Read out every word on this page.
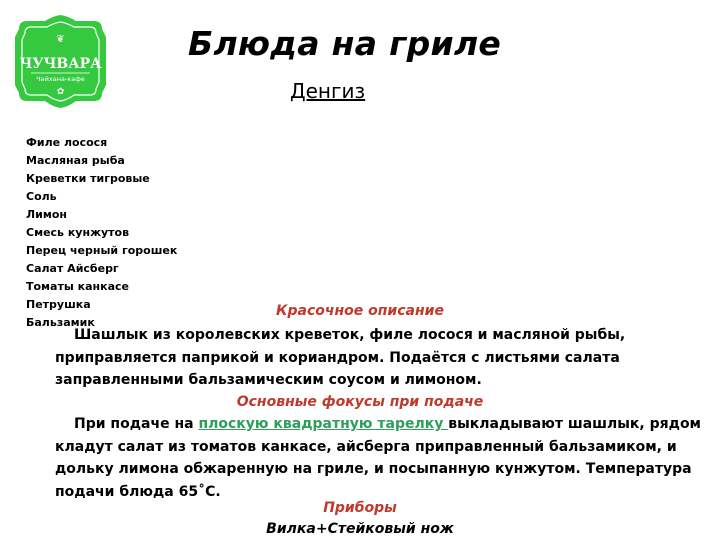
❦
ЧУЧВАРА
Чайхана-кафе
✿
Блюда на гриле
Денгиз
Филе лосося
Масляная рыба
Креветки тигровые
Соль
Лимон
Смесь кунжутов
Перец черный горошек
Салат Айсберг
Томаты канкасе
Петрушка
Бальзамик
Красочное описание
Шашлык из королевских креветок, филе лосося и масляной рыбы,
приправляется паприкой и кориандром. Подаётся с листьями салата
заправленными бальзамическим соусом и лимоном.
Основные фокусы при подаче
При подаче на плоскую квадратную тарелку выкладывают шашлык, рядом
кладут салат из томатов канкасе, айсберга приправленный бальзамиком, и
дольку лимона обжаренную на гриле, и посыпанную кунжутом. Температура
подачи блюда 65˚С.
Приборы
Вилка+Стейковый нож
